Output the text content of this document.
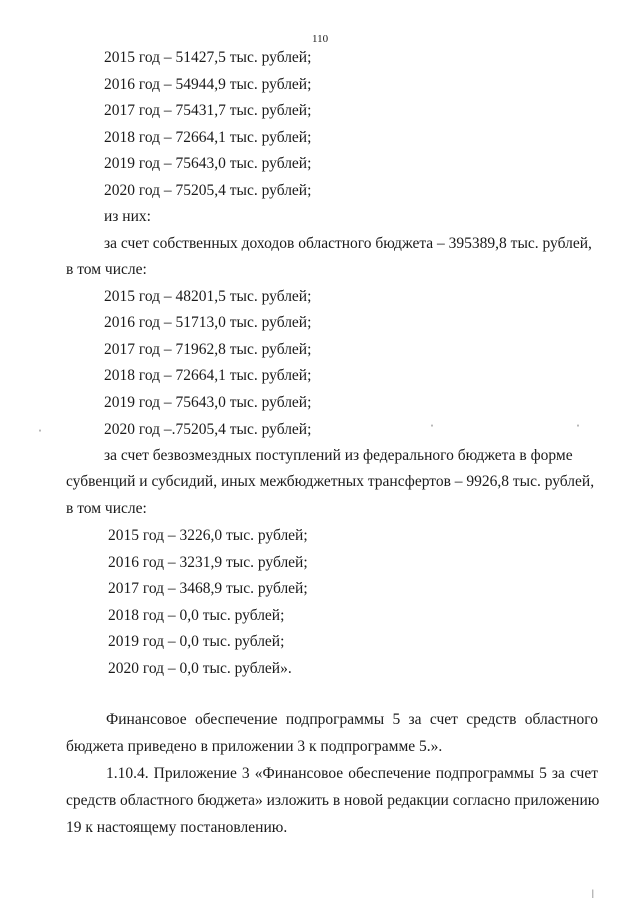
110
2015 год – 51427,5 тыс. рублей;
2016 год – 54944,9 тыс. рублей;
2017 год – 75431,7 тыс. рублей;
2018 год – 72664,1 тыс. рублей;
2019 год – 75643,0 тыс. рублей;
2020 год – 75205,4 тыс. рублей;
из них:
за счет собственных доходов областного бюджета – 395389,8 тыс. рублей,
в том числе:
2015 год – 48201,5 тыс. рублей;
2016 год – 51713,0 тыс. рублей;
2017 год – 71962,8 тыс. рублей;
2018 год – 72664,1 тыс. рублей;
2019 год – 75643,0 тыс. рублей;
2020 год –.75205,4 тыс. рублей;
ˈ	ˈ	ˈ
за счет безвозмездных поступлений из федерального бюджета в форме
субвенций и субсидий, иных межбюджетных трансфертов – 9926,8 тыс. рублей,
в том числе:
2015 год – 3226,0 тыс. рублей;
2016 год – 3231,9 тыс. рублей;
2017 год – 3468,9 тыс. рублей;
2018 год – 0,0 тыс. рублей;
2019 год – 0,0 тыс. рублей;
2020 год – 0,0 тыс. рублей».
Финансовое обеспечение подпрограммы 5 за счет средств областного
бюджета приведено в приложении 3 к подпрограмме 5.».
1.10.4. Приложение 3 «Финансовое обеспечение подпрограммы 5 за счет
средств областного бюджета» изложить в новой редакции согласно приложению
19 к настоящему постановлению.
|
